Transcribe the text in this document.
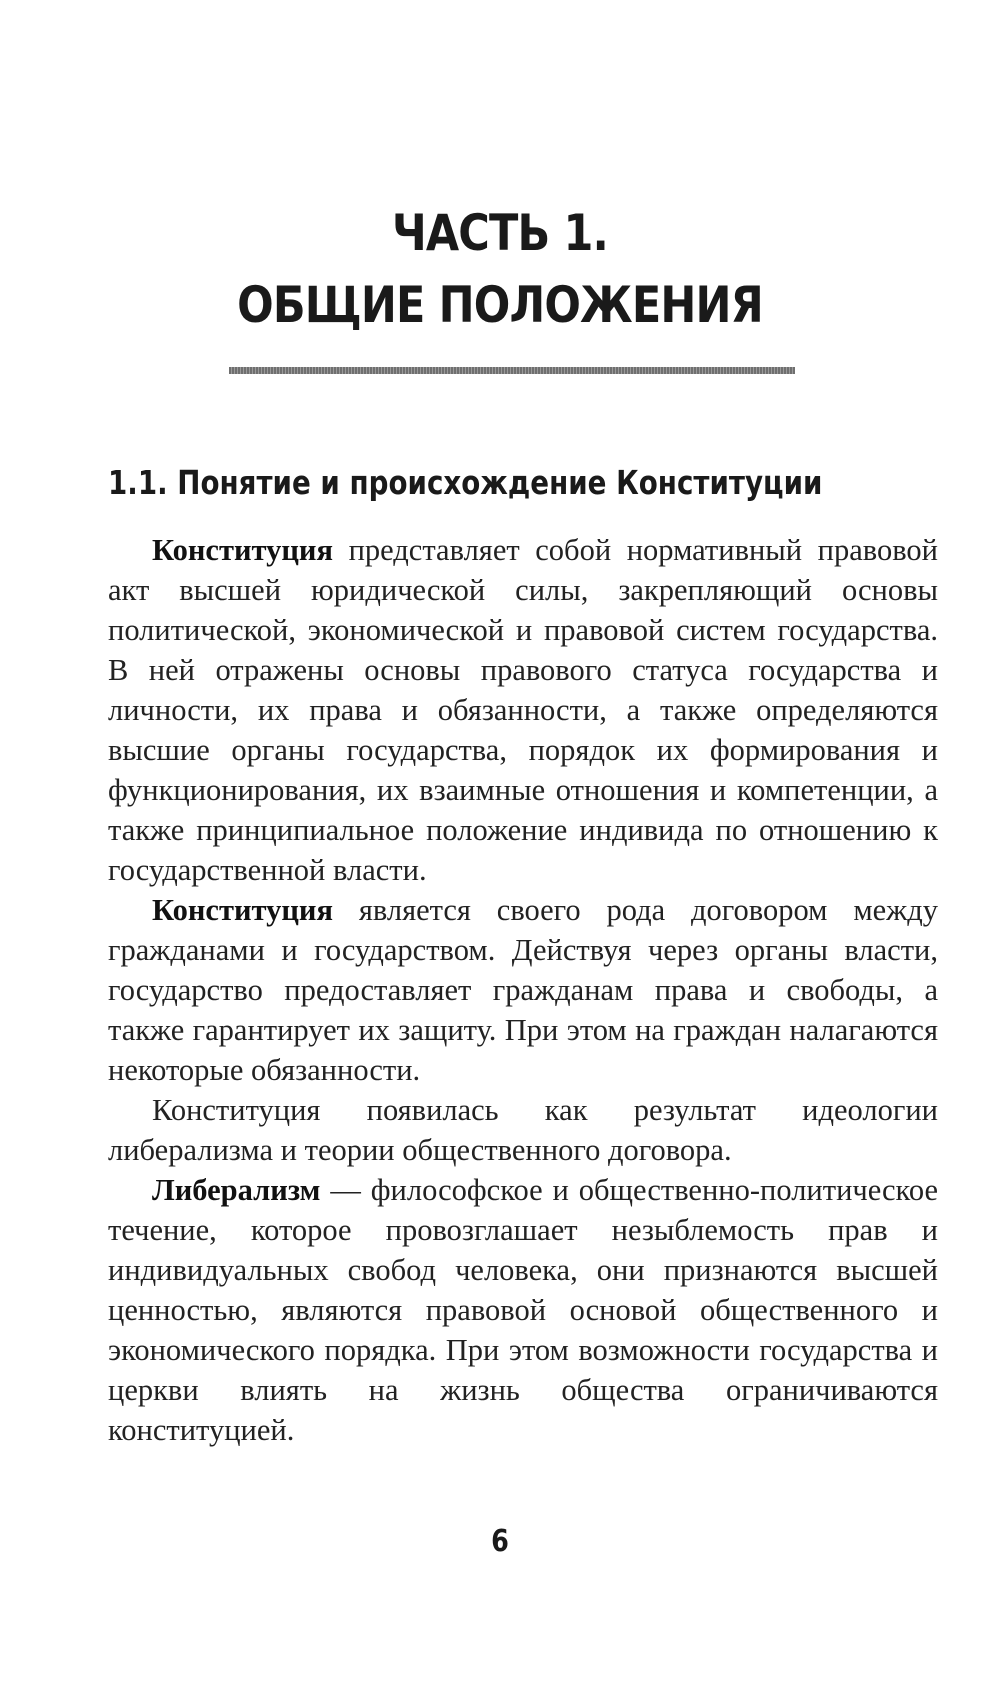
ЧАСТЬ 1.
ОБЩИЕ ПОЛОЖЕНИЯ
1.1. Понятие и происхождение Конституции

Конституция представляет собой нормативный правовой акт высшей юридической силы, закрепляющий основы политической, экономической и правовой систем государства. В ней отражены основы правового статуса государства и личности, их права и обязанности, а также определяются высшие органы государства, порядок их формирования и функционирования, их взаимные отношения и компетенции, а также принципиальное положение индивида по отношению к государственной власти.

Конституция является своего рода договором между гражданами и государством. Действуя через органы власти, государство предоставляет гражданам права и свободы, а также гарантирует их защиту. При этом на граждан налагаются некоторые обязанности.

Конституция появилась как результат идеологии либерализма и теории общественного договора.

Либерализм — философское и общественно-политическое течение, которое провозглашает незыблемость прав и индивидуальных свобод человека, они признаются высшей ценностью, являются правовой основой общественного и экономического порядка. При этом возможности государства и церкви влиять на жизнь общества ограничиваются конституцией.

6
